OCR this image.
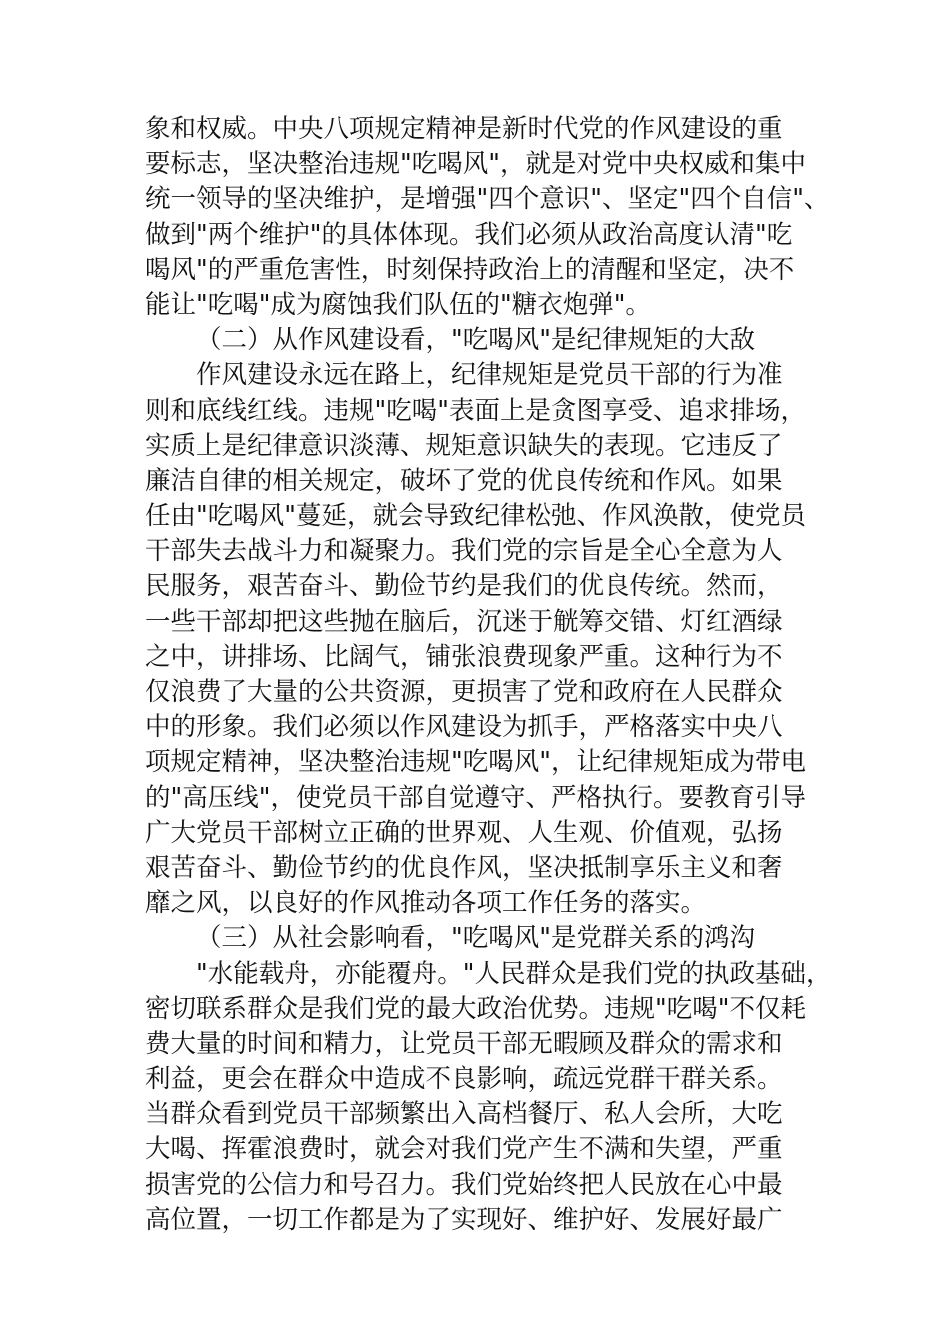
象和权威。中央八项规定精神是新时代党的作风建设的重
要标志，坚决整治违规"吃喝风"，就是对党中央权威和集中
统一领导的坚决维护，是增强"四个意识"、坚定"四个自信"、
做到"两个维护"的具体体现。我们必须从政治高度认清"吃
喝风"的严重危害性，时刻保持政治上的清醒和坚定，决不
能让"吃喝"成为腐蚀我们队伍的"糖衣炮弹"。
（二）从作风建设看，"吃喝风"是纪律规矩的大敌
作风建设永远在路上，纪律规矩是党员干部的行为准
则和底线红线。违规"吃喝"表面上是贪图享受、追求排场，
实质上是纪律意识淡薄、规矩意识缺失的表现。它违反了
廉洁自律的相关规定，破坏了党的优良传统和作风。如果
任由"吃喝风"蔓延，就会导致纪律松弛、作风涣散，使党员
干部失去战斗力和凝聚力。我们党的宗旨是全心全意为人
民服务，艰苦奋斗、勤俭节约是我们的优良传统。然而，
一些干部却把这些抛在脑后，沉迷于觥筹交错、灯红酒绿
之中，讲排场、比阔气，铺张浪费现象严重。这种行为不
仅浪费了大量的公共资源，更损害了党和政府在人民群众
中的形象。我们必须以作风建设为抓手，严格落实中央八
项规定精神，坚决整治违规"吃喝风"，让纪律规矩成为带电
的"高压线"，使党员干部自觉遵守、严格执行。要教育引导
广大党员干部树立正确的世界观、人生观、价值观，弘扬
艰苦奋斗、勤俭节约的优良作风，坚决抵制享乐主义和奢
靡之风，以良好的作风推动各项工作任务的落实。
（三）从社会影响看，"吃喝风"是党群关系的鸿沟
"水能载舟，亦能覆舟。"人民群众是我们党的执政基础，
密切联系群众是我们党的最大政治优势。违规"吃喝"不仅耗
费大量的时间和精力，让党员干部无暇顾及群众的需求和
利益，更会在群众中造成不良影响，疏远党群干群关系。
当群众看到党员干部频繁出入高档餐厅、私人会所，大吃
大喝、挥霍浪费时，就会对我们党产生不满和失望，严重
损害党的公信力和号召力。我们党始终把人民放在心中最
高位置，一切工作都是为了实现好、维护好、发展好最广
